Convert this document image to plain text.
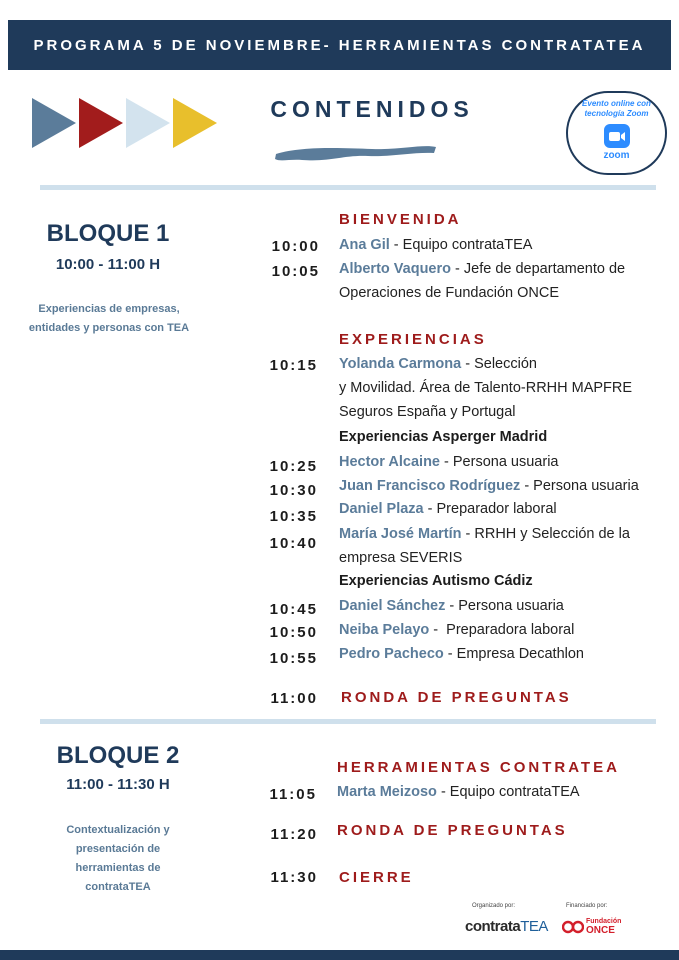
PROGRAMA 5 DE NOVIEMBRE- HERRAMIENTAS CONTRATATEA
CONTENIDOS	Evento online con tecnología Zoom
zoom
BLOQUE 1
10:00 - 11:00 H
Experiencias de empresas, entidades y personas con TEA
BIENVENIDA
10:00 Ana Gil - Equipo contrataTEA
10:05 Alberto Vaquero - Jefe de departamento de
Operaciones de Fundación ONCE
EXPERIENCIAS
10:15 Yolanda Carmona - Selección
y Movilidad. Área de Talento-RRHH MAPFRE
Seguros España y Portugal
Experiencias Asperger Madrid
10:25 Hector Alcaine - Persona usuaria
10:30 Juan Francisco Rodríguez - Persona usuaria
10:35 Daniel Plaza - Preparador laboral
10:40
María José Martín - RRHH y Selección de la
empresa SEVERIS
Experiencias Autismo Cádiz
10:45 Daniel Sánchez - Persona usuaria
10:50 Neiba Pelayo -  Preparadora laboral
10:55 Pedro Pacheco - Empresa Decathlon
11:00 RONDA DE PREGUNTAS
BLOQUE 2
11:00 - 11:30 H
Contextualización y presentación de herramientas de contrataTEA
HERRAMIENTAS CONTRATEA
11:05 Marta Meizoso - Equipo contrataTEA
11:20 RONDA DE PREGUNTAS
11:30 CIERRE
Organizado por:
contrataTEA
Financiado por:
Fundación
ONCE
